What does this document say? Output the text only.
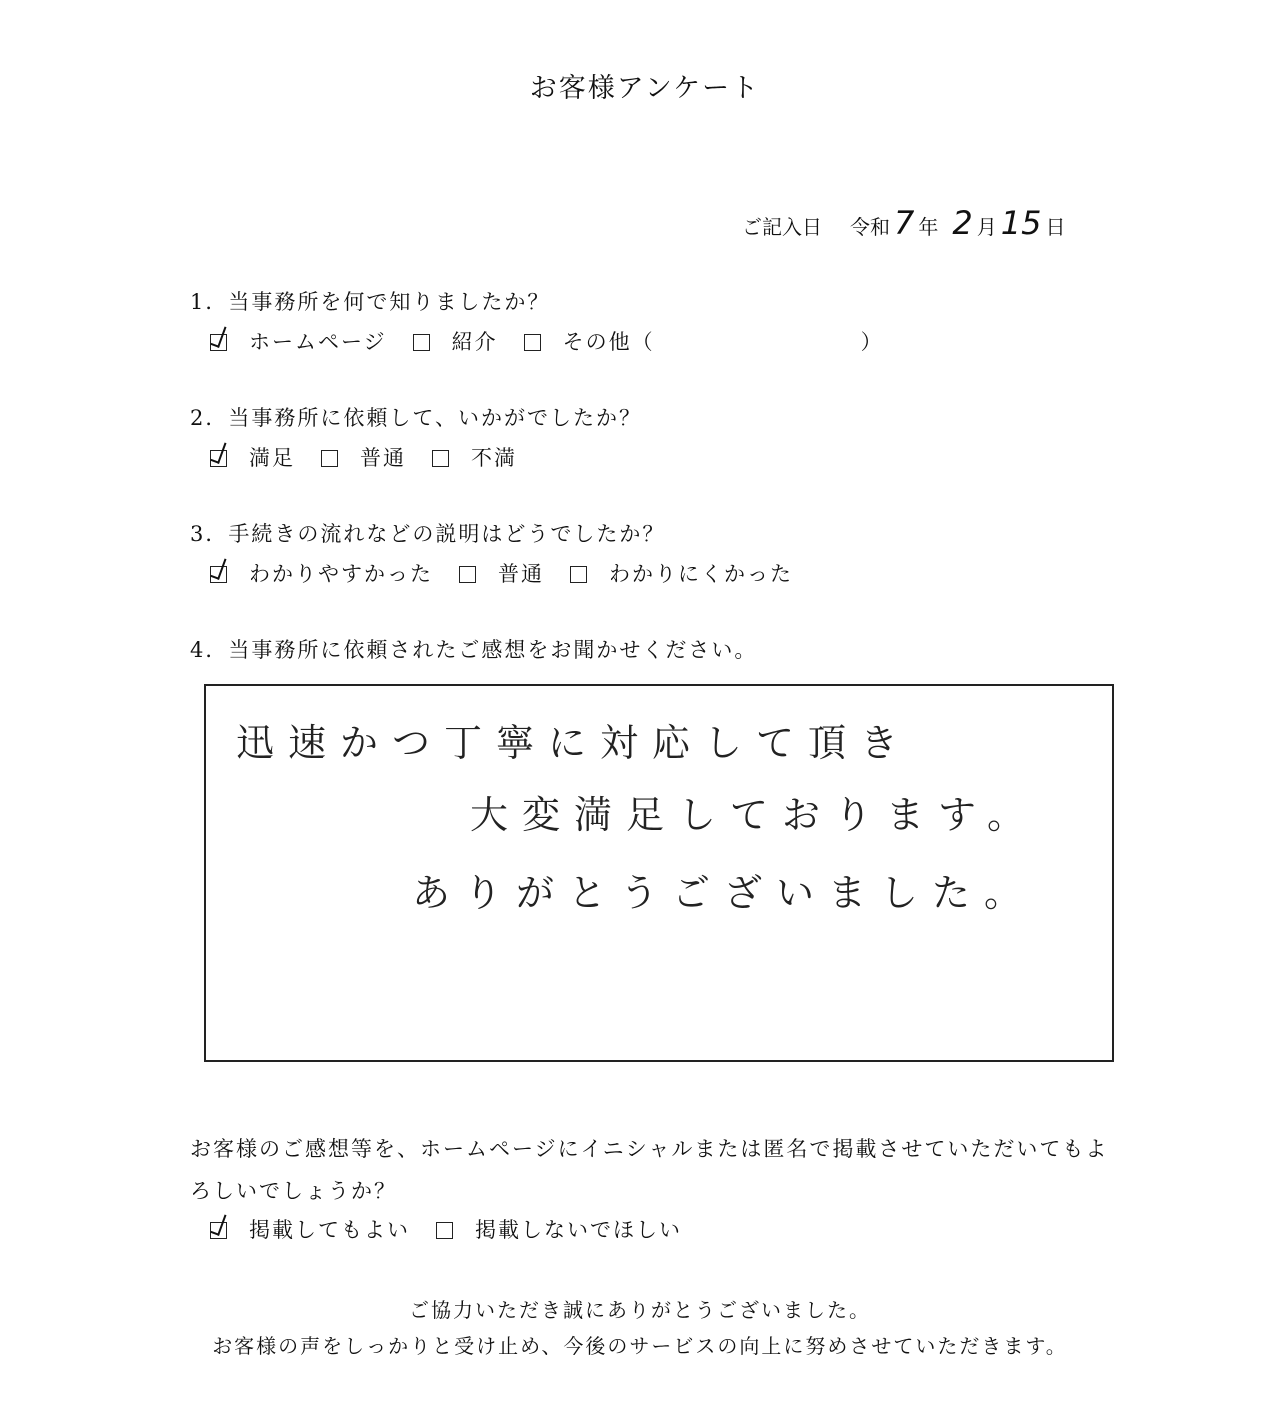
お客様アンケート
ご記入日 令和 7 年 2 月 15 日
1．当事務所を何で知りましたか？
ホームページ	紹介	その他（	）
2．当事務所に依頼して、いかがでしたか？
満足	普通	不満
3．手続きの流れなどの説明はどうでしたか？
わかりやすかった	普通	わかりにくかった
4．当事務所に依頼されたご感想をお聞かせください。
迅速かつ丁寧に対応して頂き
大変満足しております。
ありがとうございました。
お客様のご感想等を、ホームページにイニシャルまたは匿名で掲載させていただいてもよ
ろしいでしょうか？
掲載してもよい	掲載しないでほしい
ご協力いただき誠にありがとうございました。
お客様の声をしっかりと受け止め、今後のサービスの向上に努めさせていただきます。
